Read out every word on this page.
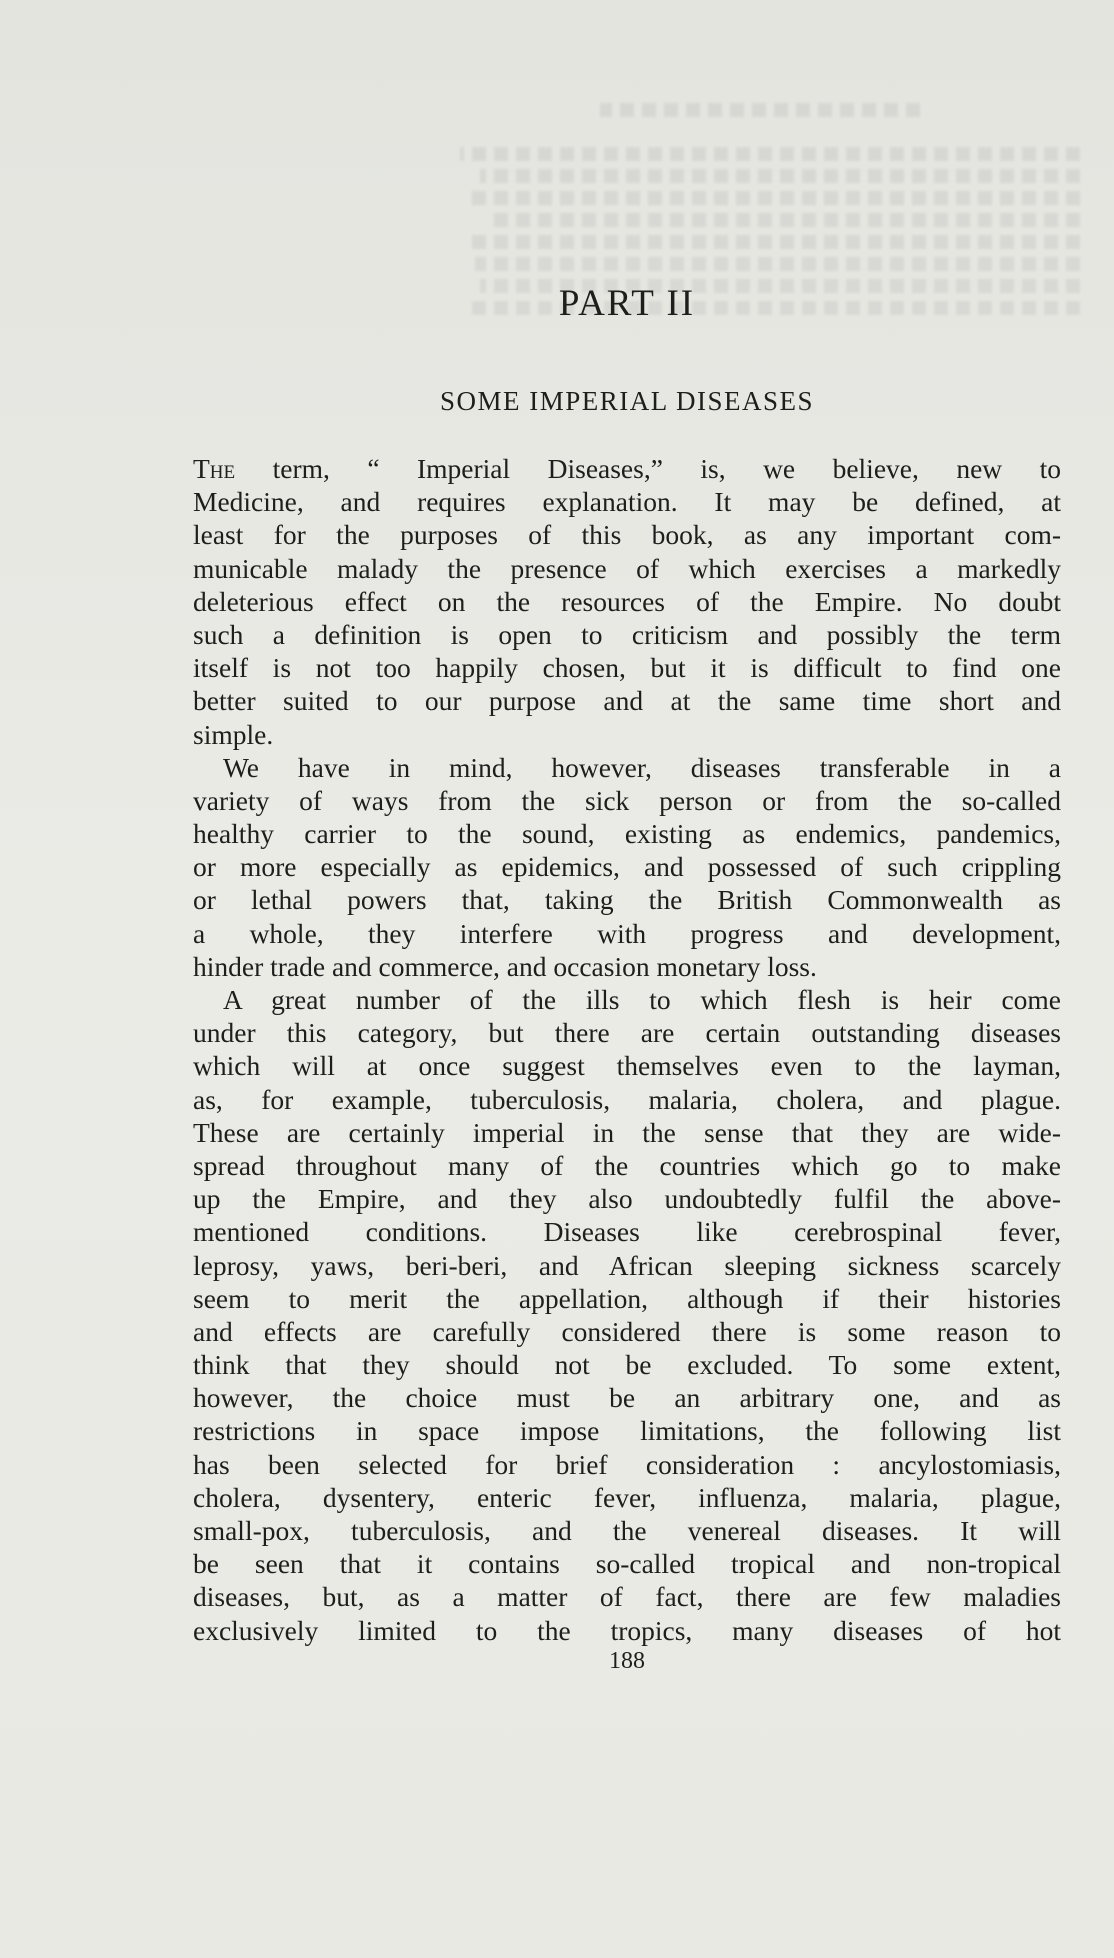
PART II
SOME IMPERIAL DISEASES
The term, “ Imperial Diseases,” is, we believe, new to
Medicine, and requires explanation. It may be defined, at
least for the purposes of this book, as any important com-
municable malady the presence of which exercises a markedly
deleterious effect on the resources of the Empire. No doubt
such a definition is open to criticism and possibly the term
itself is not too happily chosen, but it is difficult to find one
better suited to our purpose and at the same time short and
simple.
We have in mind, however, diseases transferable in a
variety of ways from the sick person or from the so-called
healthy carrier to the sound, existing as endemics, pandemics,
or more especially as epidemics, and possessed of such crippling
or lethal powers that, taking the British Commonwealth as
a whole, they interfere with progress and development,
hinder trade and commerce, and occasion monetary loss.
A great number of the ills to which flesh is heir come
under this category, but there are certain outstanding diseases
which will at once suggest themselves even to the layman,
as, for example, tuberculosis, malaria, cholera, and plague.
These are certainly imperial in the sense that they are wide-
spread throughout many of the countries which go to make
up the Empire, and they also undoubtedly fulfil the above-
mentioned conditions. Diseases like cerebrospinal fever,
leprosy, yaws, beri-beri, and African sleeping sickness scarcely
seem to merit the appellation, although if their histories
and effects are carefully considered there is some reason to
think that they should not be excluded. To some extent,
however, the choice must be an arbitrary one, and as
restrictions in space impose limitations, the following list
has been selected for brief consideration : ancylostomiasis,
cholera, dysentery, enteric fever, influenza, malaria, plague,
small-pox, tuberculosis, and the venereal diseases. It will
be seen that it contains so-called tropical and non-tropical
diseases, but, as a matter of fact, there are few maladies
exclusively limited to the tropics, many diseases of hot
188
